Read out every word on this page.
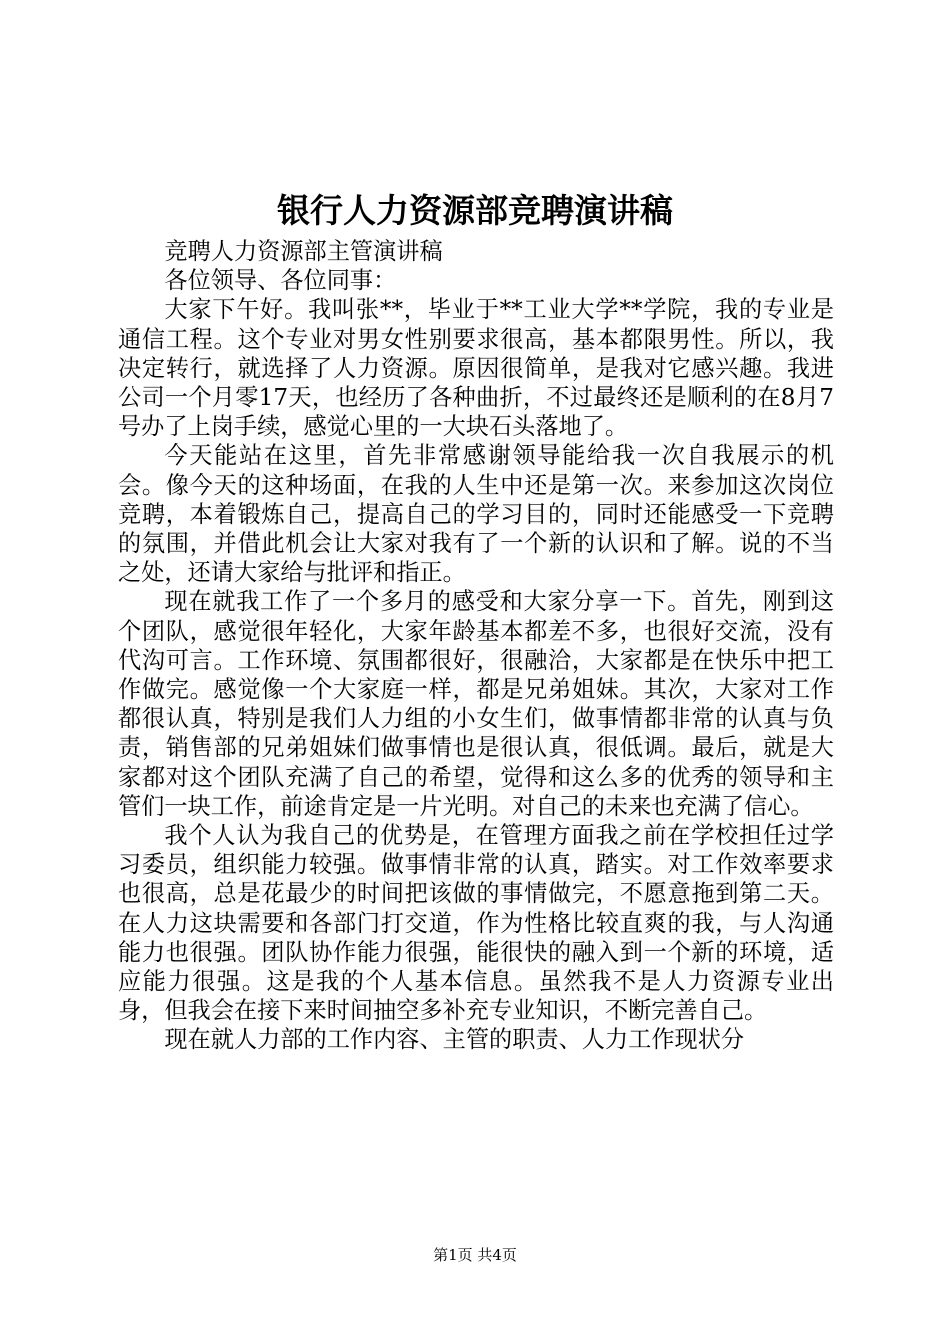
银行人力资源部竞聘演讲稿

竞聘人力资源部主管演讲稿

各位领导、各位同事：

大家下午好。我叫张**，毕业于**工业大学**学院，我的专业是通信工程。这个专业对男女性别要求很高，基本都限男性。所以，我决定转行，就选择了人力资源。原因很简单，是我对它感兴趣。我进公司一个月零17天，也经历了各种曲折，不过最终还是顺利的在8月7号办了上岗手续，感觉心里的一大块石头落地了。

今天能站在这里，首先非常感谢领导能给我一次自我展示的机会。像今天的这种场面，在我的人生中还是第一次。来参加这次岗位竞聘，本着锻炼自己，提高自己的学习目的，同时还能感受一下竞聘的氛围，并借此机会让大家对我有了一个新的认识和了解。说的不当之处，还请大家给与批评和指正。

现在就我工作了一个多月的感受和大家分享一下。首先，刚到这个团队，感觉很年轻化，大家年龄基本都差不多，也很好交流，没有代沟可言。工作环境、氛围都很好，很融洽，大家都是在快乐中把工作做完。感觉像一个大家庭一样，都是兄弟姐妹。其次，大家对工作都很认真，特别是我们人力组的小女生们，做事情都非常的认真与负责，销售部的兄弟姐妹们做事情也是很认真，很低调。最后，就是大家都对这个团队充满了自己的希望，觉得和这么多的优秀的领导和主管们一块工作，前途肯定是一片光明。对自己的未来也充满了信心。

我个人认为我自己的优势是，在管理方面我之前在学校担任过学习委员，组织能力较强。做事情非常的认真，踏实。对工作效率要求也很高，总是花最少的时间把该做的事情做完，不愿意拖到第二天。在人力这块需要和各部门打交道，作为性格比较直爽的我，与人沟通能力也很强。团队协作能力很强，能很快的融入到一个新的环境，适应能力很强。这是我的个人基本信息。虽然我不是人力资源专业出身，但我会在接下来时间抽空多补充专业知识，不断完善自己。

现在就人力部的工作内容、主管的职责、人力工作现状分

第1页 共4页
